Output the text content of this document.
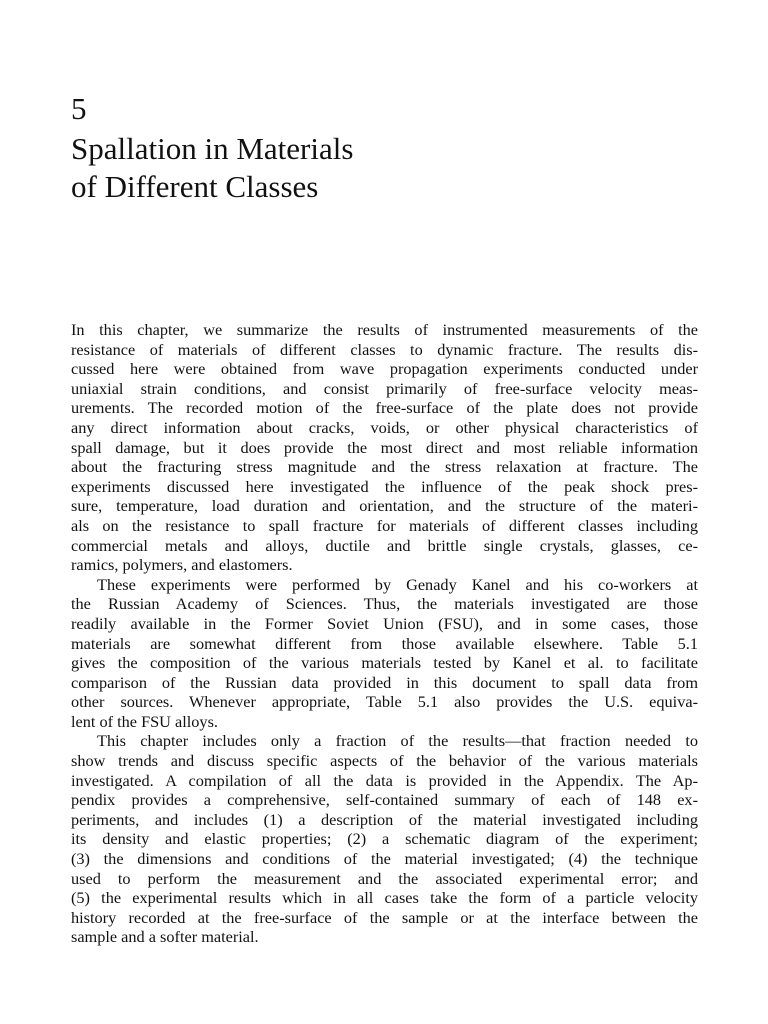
5
Spallation in Materials
of Different Classes

In this chapter, we summarize the results of instrumented measurements of the
resistance of materials of different classes to dynamic fracture. The results dis-
cussed here were obtained from wave propagation experiments conducted under
uniaxial strain conditions, and consist primarily of free-surface velocity meas-
urements. The recorded motion of the free-surface of the plate does not provide
any direct information about cracks, voids, or other physical characteristics of
spall damage, but it does provide the most direct and most reliable information
about the fracturing stress magnitude and the stress relaxation at fracture. The
experiments discussed here investigated the influence of the peak shock pres-
sure, temperature, load duration and orientation, and the structure of the materi-
als on the resistance to spall fracture for materials of different classes including
commercial metals and alloys, ductile and brittle single crystals, glasses, ce-
ramics, polymers, and elastomers.

These experiments were performed by Genady Kanel and his co-workers at
the Russian Academy of Sciences. Thus, the materials investigated are those
readily available in the Former Soviet Union (FSU), and in some cases, those
materials are somewhat different from those available elsewhere. Table 5.1
gives the composition of the various materials tested by Kanel et al. to facilitate
comparison of the Russian data provided in this document to spall data from
other sources. Whenever appropriate, Table 5.1 also provides the U.S. equiva-
lent of the FSU alloys.

This chapter includes only a fraction of the results—that fraction needed to
show trends and discuss specific aspects of the behavior of the various materials
investigated. A compilation of all the data is provided in the Appendix. The Ap-
pendix provides a comprehensive, self-contained summary of each of 148 ex-
periments, and includes (1) a description of the material investigated including
its density and elastic properties; (2) a schematic diagram of the experiment;
(3) the dimensions and conditions of the material investigated; (4) the technique
used to perform the measurement and the associated experimental error; and
(5) the experimental results which in all cases take the form of a particle velocity
history recorded at the free-surface of the sample or at the interface between the
sample and a softer material.
